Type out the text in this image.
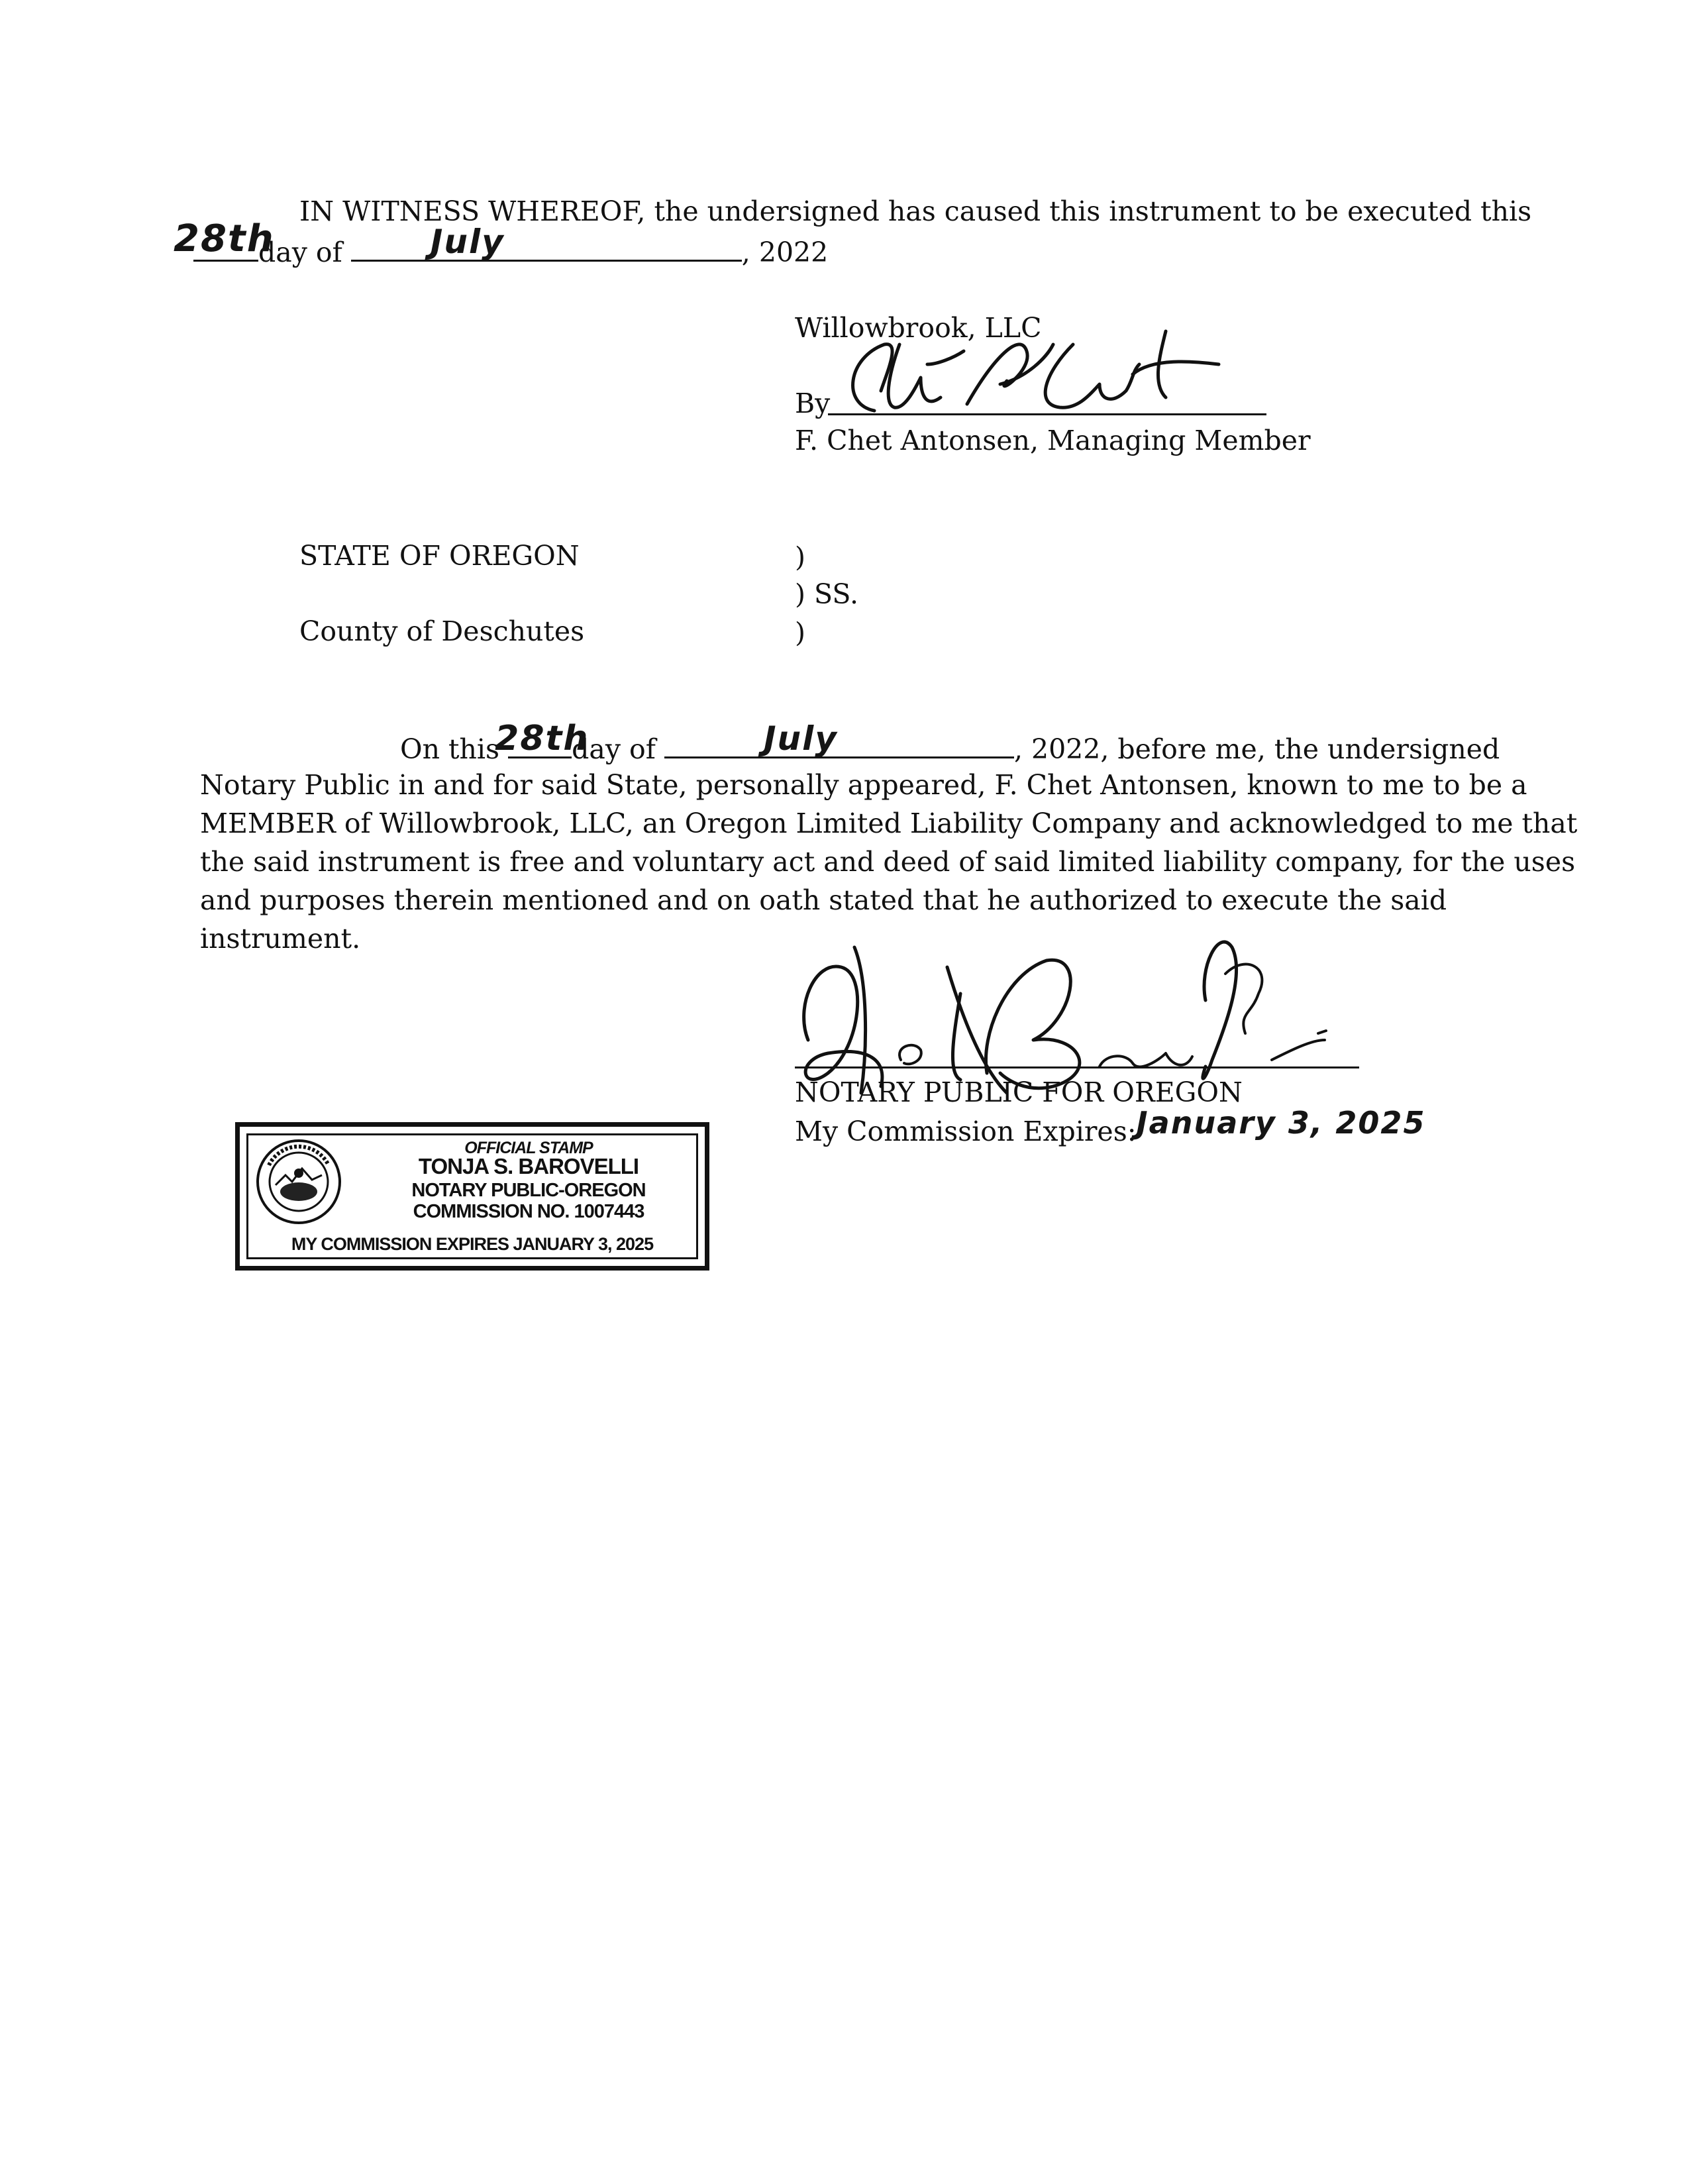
IN WITNESS WHEREOF, the undersigned has caused this instrument to be executed this
28th
day of	July	, 2022
Willowbrook, LLC
By
F. Chet Antonsen, Managing Member
STATE OF OREGON	)
) SS.
County of Deschutes	)
On this
28th
day of	July	, 2022, before me, the undersigned
Notary Public in and for said State, personally appeared, F. Chet Antonsen, known to me to be a
MEMBER of Willowbrook, LLC, an Oregon Limited Liability Company and acknowledged to me that
the said instrument is free and voluntary act and deed of said limited liability company, for the uses
and purposes therein mentioned and on oath stated that he authorized to execute the said
instrument.
NOTARY PUBLIC FOR OREGON
My Commission Expires: January 3, 2025
OFFICIAL STAMP
TONJA S. BAROVELLI
NOTARY PUBLIC-OREGON
COMMISSION NO. 1007443
MY COMMISSION EXPIRES JANUARY 3, 2025
